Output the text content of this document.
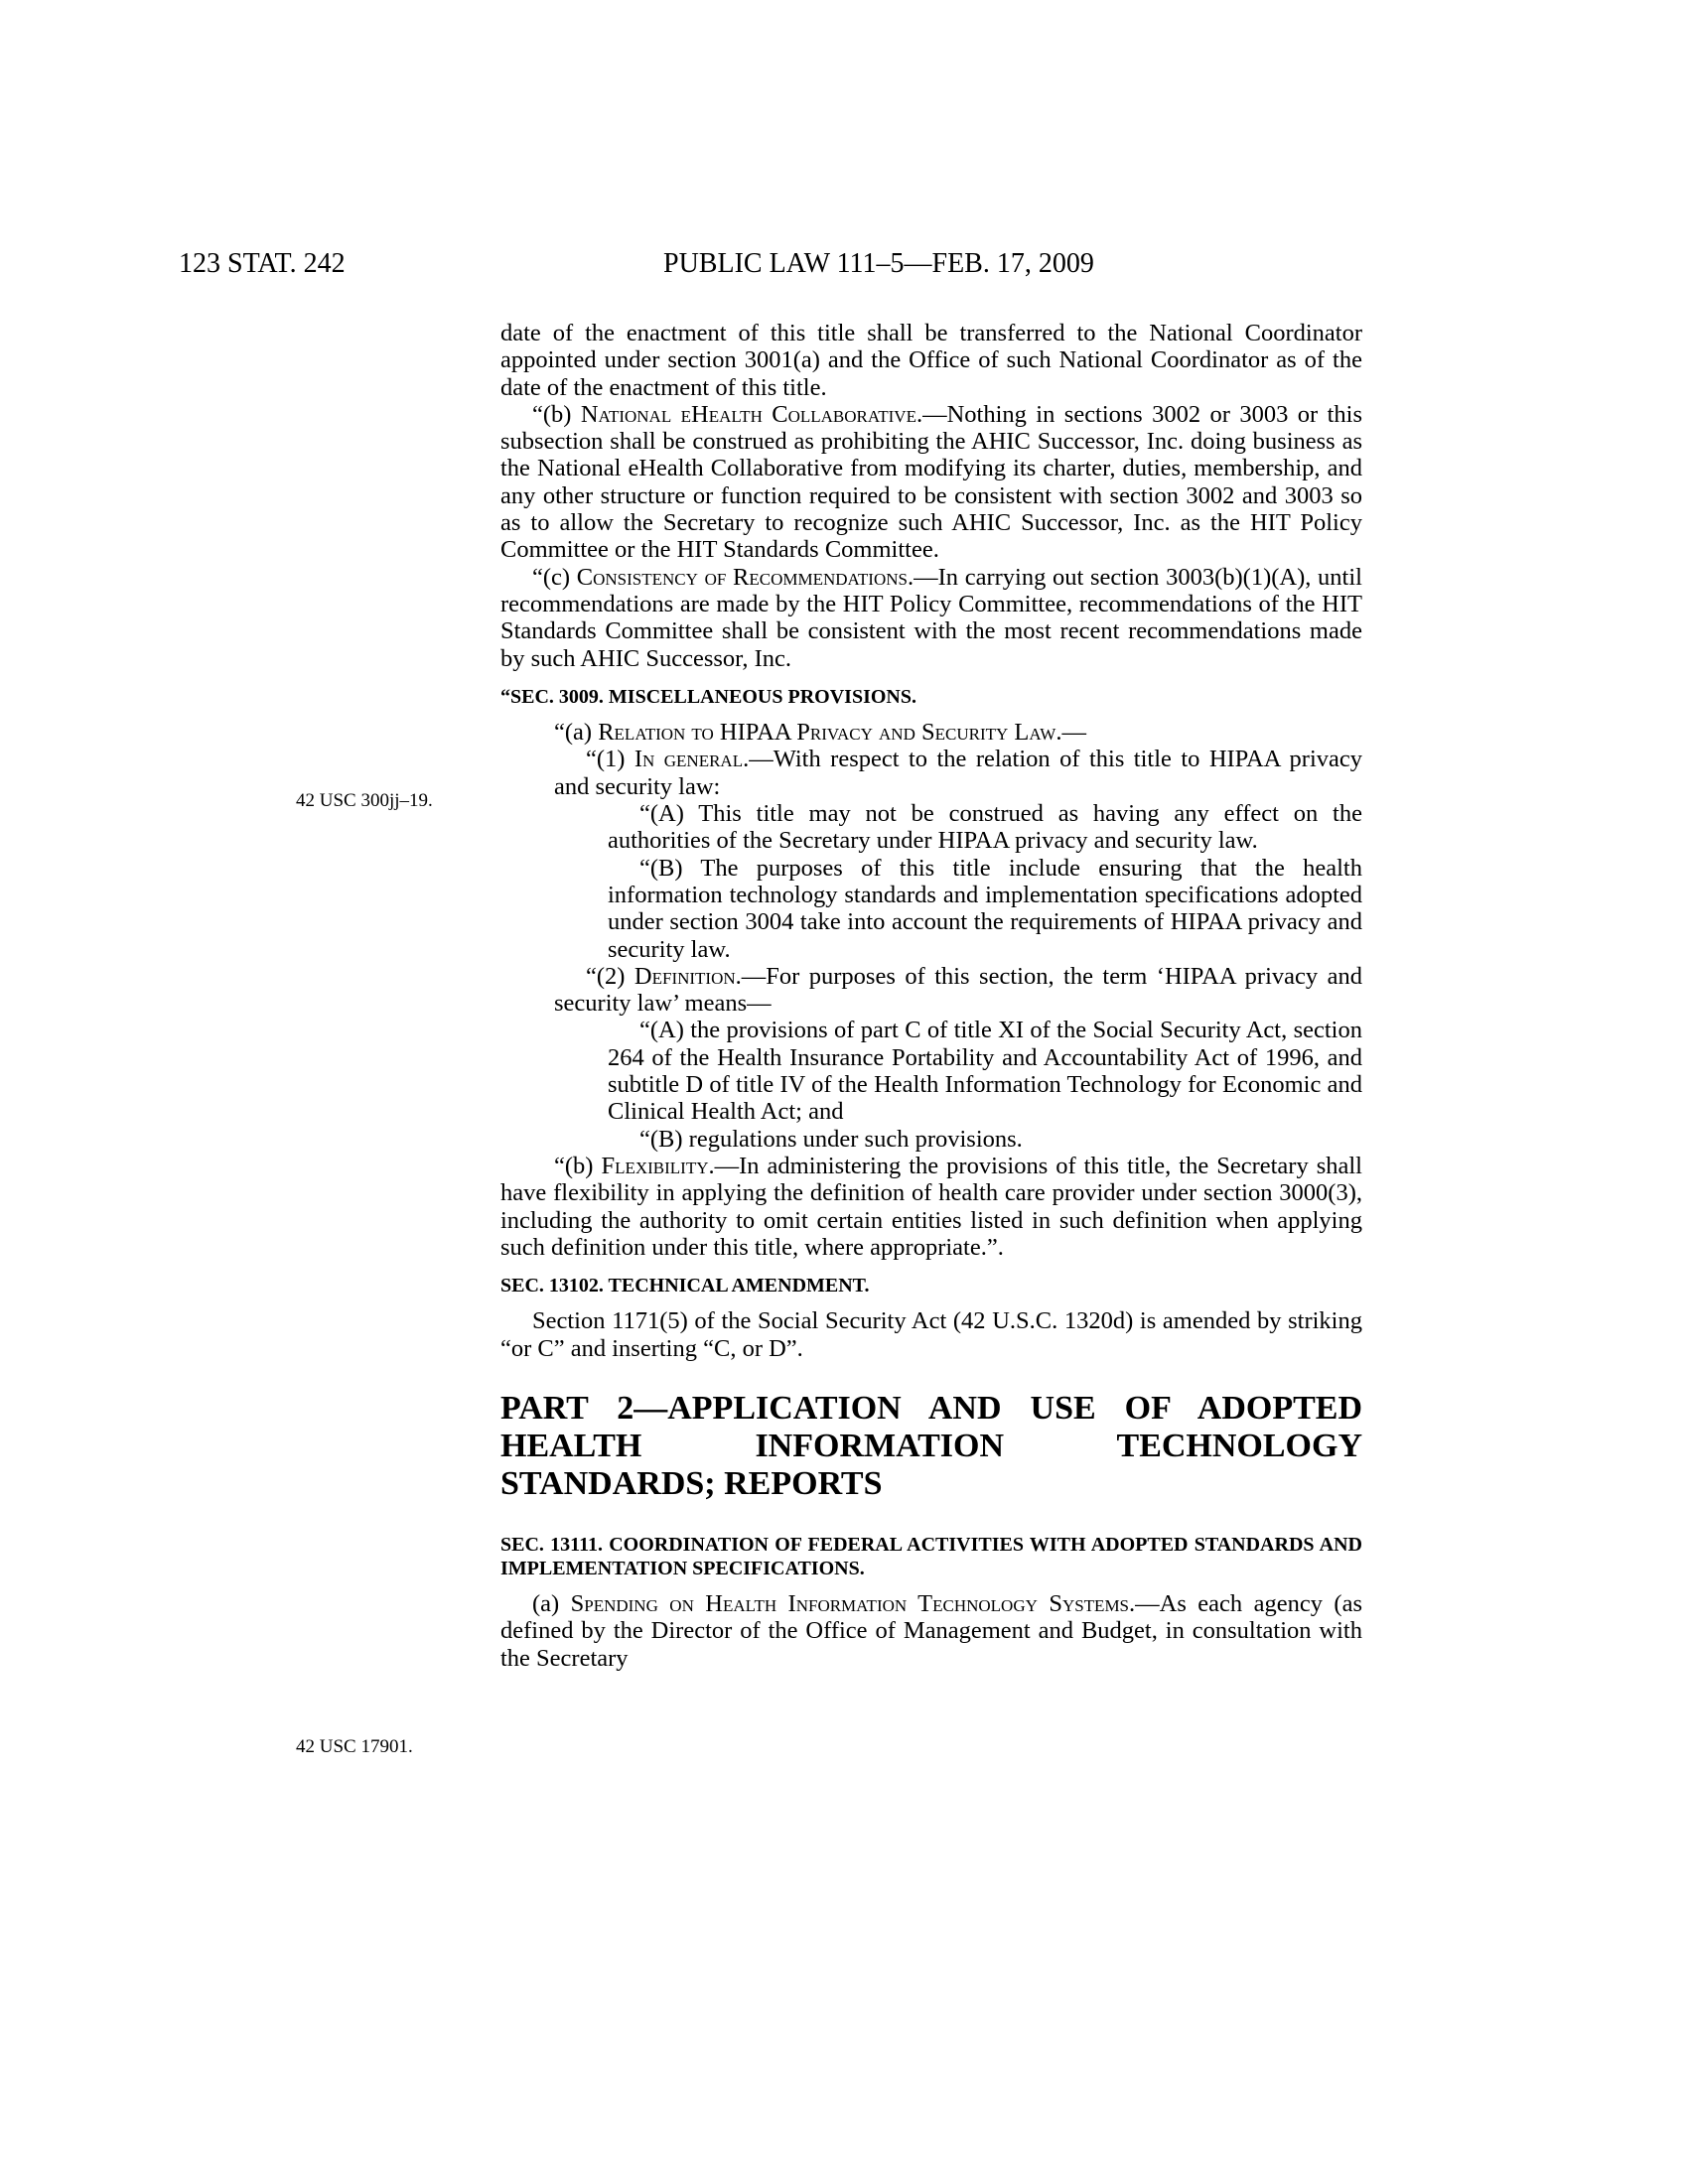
123 STAT. 242	PUBLIC LAW 111–5—FEB. 17, 2009
42 USC 300jj–19.
42 USC 17901.

date of the enactment of this title shall be transferred to the National Coordinator appointed under section 3001(a) and the Office of such National Coordinator as of the date of the enactment of this title.

“(b) National eHealth Collaborative.—Nothing in sections 3002 or 3003 or this subsection shall be construed as prohibiting the AHIC Successor, Inc. doing business as the National eHealth Collaborative from modifying its charter, duties, membership, and any other structure or function required to be consistent with section 3002 and 3003 so as to allow the Secretary to recognize such AHIC Successor, Inc. as the HIT Policy Committee or the HIT Standards Committee.

“(c) Consistency of Recommendations.—In carrying out section 3003(b)(1)(A), until recommendations are made by the HIT Policy Committee, recommendations of the HIT Standards Committee shall be consistent with the most recent recommendations made by such AHIC Successor, Inc.

“SEC. 3009. MISCELLANEOUS PROVISIONS.

“(a) Relation to HIPAA Privacy and Security Law.—

“(1) In general.—With respect to the relation of this title to HIPAA privacy and security law:

“(A) This title may not be construed as having any effect on the authorities of the Secretary under HIPAA privacy and security law.

“(B) The purposes of this title include ensuring that the health information technology standards and implementation specifications adopted under section 3004 take into account the requirements of HIPAA privacy and security law.

“(2) Definition.—For purposes of this section, the term ‘HIPAA privacy and security law’ means—

“(A) the provisions of part C of title XI of the Social Security Act, section 264 of the Health Insurance Portability and Accountability Act of 1996, and subtitle D of title IV of the Health Information Technology for Economic and Clinical Health Act; and

“(B) regulations under such provisions.

“(b) Flexibility.—In administering the provisions of this title, the Secretary shall have flexibility in applying the definition of health care provider under section 3000(3), including the authority to omit certain entities listed in such definition when applying such definition under this title, where appropriate.”.

SEC. 13102. TECHNICAL AMENDMENT.

Section 1171(5) of the Social Security Act (42 U.S.C. 1320d) is amended by striking “or C” and inserting “C, or D”.

PART 2—APPLICATION AND USE OF ADOPTED HEALTH INFORMATION TECHNOLOGY STANDARDS; REPORTS

SEC. 13111. COORDINATION OF FEDERAL ACTIVITIES WITH ADOPTED STANDARDS AND IMPLEMENTATION SPECIFICATIONS.

(a) Spending on Health Information Technology Systems.—As each agency (as defined by the Director of the Office of Management and Budget, in consultation with the Secretary
